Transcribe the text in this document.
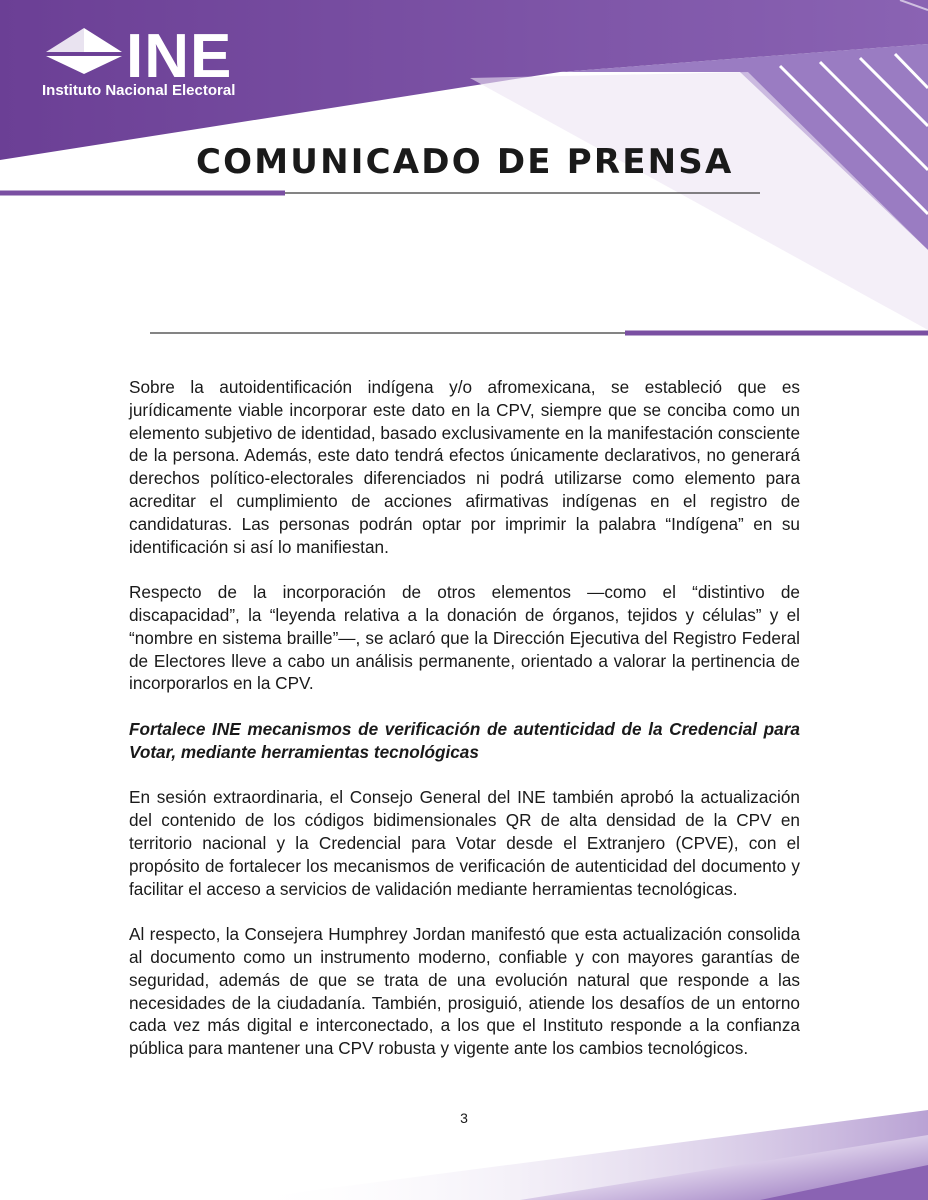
INE
Instituto Nacional Electoral
COMUNICADO DE PRENSA

Sobre la autoidentificación indígena y/o afromexicana, se estableció que es jurídicamente viable incorporar este dato en la CPV, siempre que se conciba como un elemento subjetivo de identidad, basado exclusivamente en la manifestación consciente de la persona. Además, este dato tendrá efectos únicamente declarativos, no generará derechos político-electorales diferenciados ni podrá utilizarse como elemento para acreditar el cumplimiento de acciones afirmativas indígenas en el registro de candidaturas. Las personas podrán optar por imprimir la palabra “Indígena” en su identificación si así lo manifiestan.

Respecto de la incorporación de otros elementos —como el “distintivo de discapacidad”, la “leyenda relativa a la donación de órganos, tejidos y células” y el “nombre en sistema braille”—, se aclaró que la Dirección Ejecutiva del Registro Federal de Electores lleve a cabo un análisis permanente, orientado a valorar la pertinencia de incorporarlos en la CPV.

Fortalece INE mecanismos de verificación de autenticidad de la Credencial para Votar, mediante herramientas tecnológicas

En sesión extraordinaria, el Consejo General del INE también aprobó la actualización del contenido de los códigos bidimensionales QR de alta densidad de la CPV en territorio nacional y la Credencial para Votar desde el Extranjero (CPVE), con el propósito de fortalecer los mecanismos de verificación de autenticidad del documento y facilitar el acceso a servicios de validación mediante herramientas tecnológicas.

Al respecto, la Consejera Humphrey Jordan manifestó que esta actualización consolida al documento como un instrumento moderno, confiable y con mayores garantías de seguridad, además de que se trata de una evolución natural que responde a las necesidades de la ciudadanía. También, prosiguió, atiende los desafíos de un entorno cada vez más digital e interconectado, a los que el Instituto responde a la confianza pública para mantener una CPV robusta y vigente ante los cambios tecnológicos.

3
